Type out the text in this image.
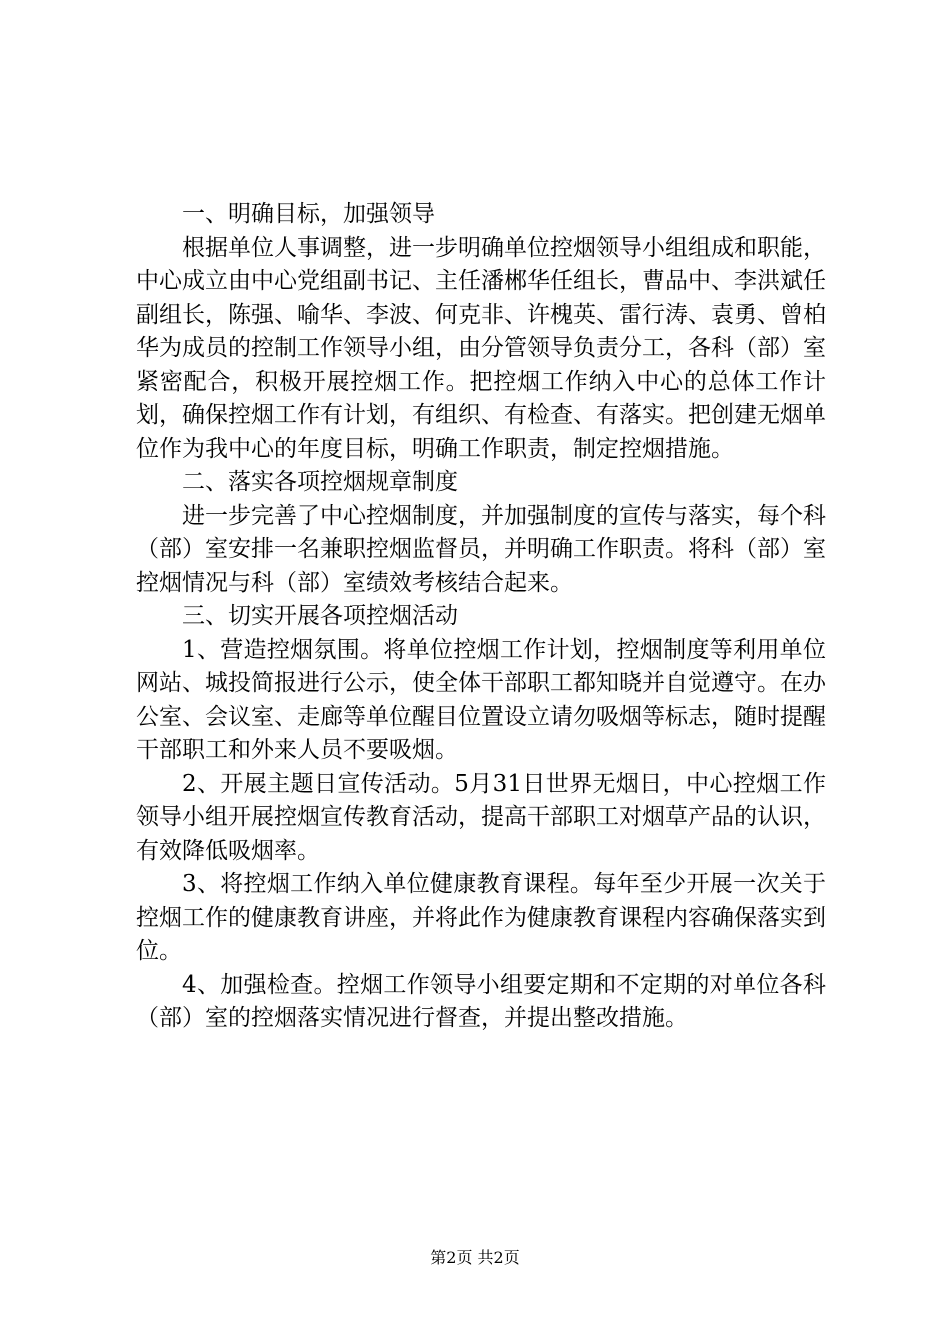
一、明确目标，加强领导

根据单位人事调整，进一步明确单位控烟领导小组组成和职能，中心成立由中心党组副书记、主任潘郴华任组长，曹品中、李洪斌任副组长，陈强、喻华、李波、何克非、许槐英、雷行涛、袁勇、曾柏华为成员的控制工作领导小组，由分管领导负责分工，各科（部）室紧密配合，积极开展控烟工作。把控烟工作纳入中心的总体工作计划，确保控烟工作有计划，有组织、有检查、有落实。把创建无烟单位作为我中心的年度目标，明确工作职责，制定控烟措施。

二、落实各项控烟规章制度

进一步完善了中心控烟制度，并加强制度的宣传与落实，每个科（部）室安排一名兼职控烟监督员，并明确工作职责。将科（部）室控烟情况与科（部）室绩效考核结合起来。

三、切实开展各项控烟活动

1、营造控烟氛围。将单位控烟工作计划，控烟制度等利用单位网站、城投简报进行公示，使全体干部职工都知晓并自觉遵守。在办公室、会议室、走廊等单位醒目位置设立请勿吸烟等标志，随时提醒干部职工和外来人员不要吸烟。

2、开展主题日宣传活动。5月31日世界无烟日，中心控烟工作领导小组开展控烟宣传教育活动，提高干部职工对烟草产品的认识，有效降低吸烟率。

3、将控烟工作纳入单位健康教育课程。每年至少开展一次关于控烟工作的健康教育讲座，并将此作为健康教育课程内容确保落实到位。

4、加强检查。控烟工作领导小组要定期和不定期的对单位各科（部）室的控烟落实情况进行督查，并提出整改措施。

第2页 共2页
